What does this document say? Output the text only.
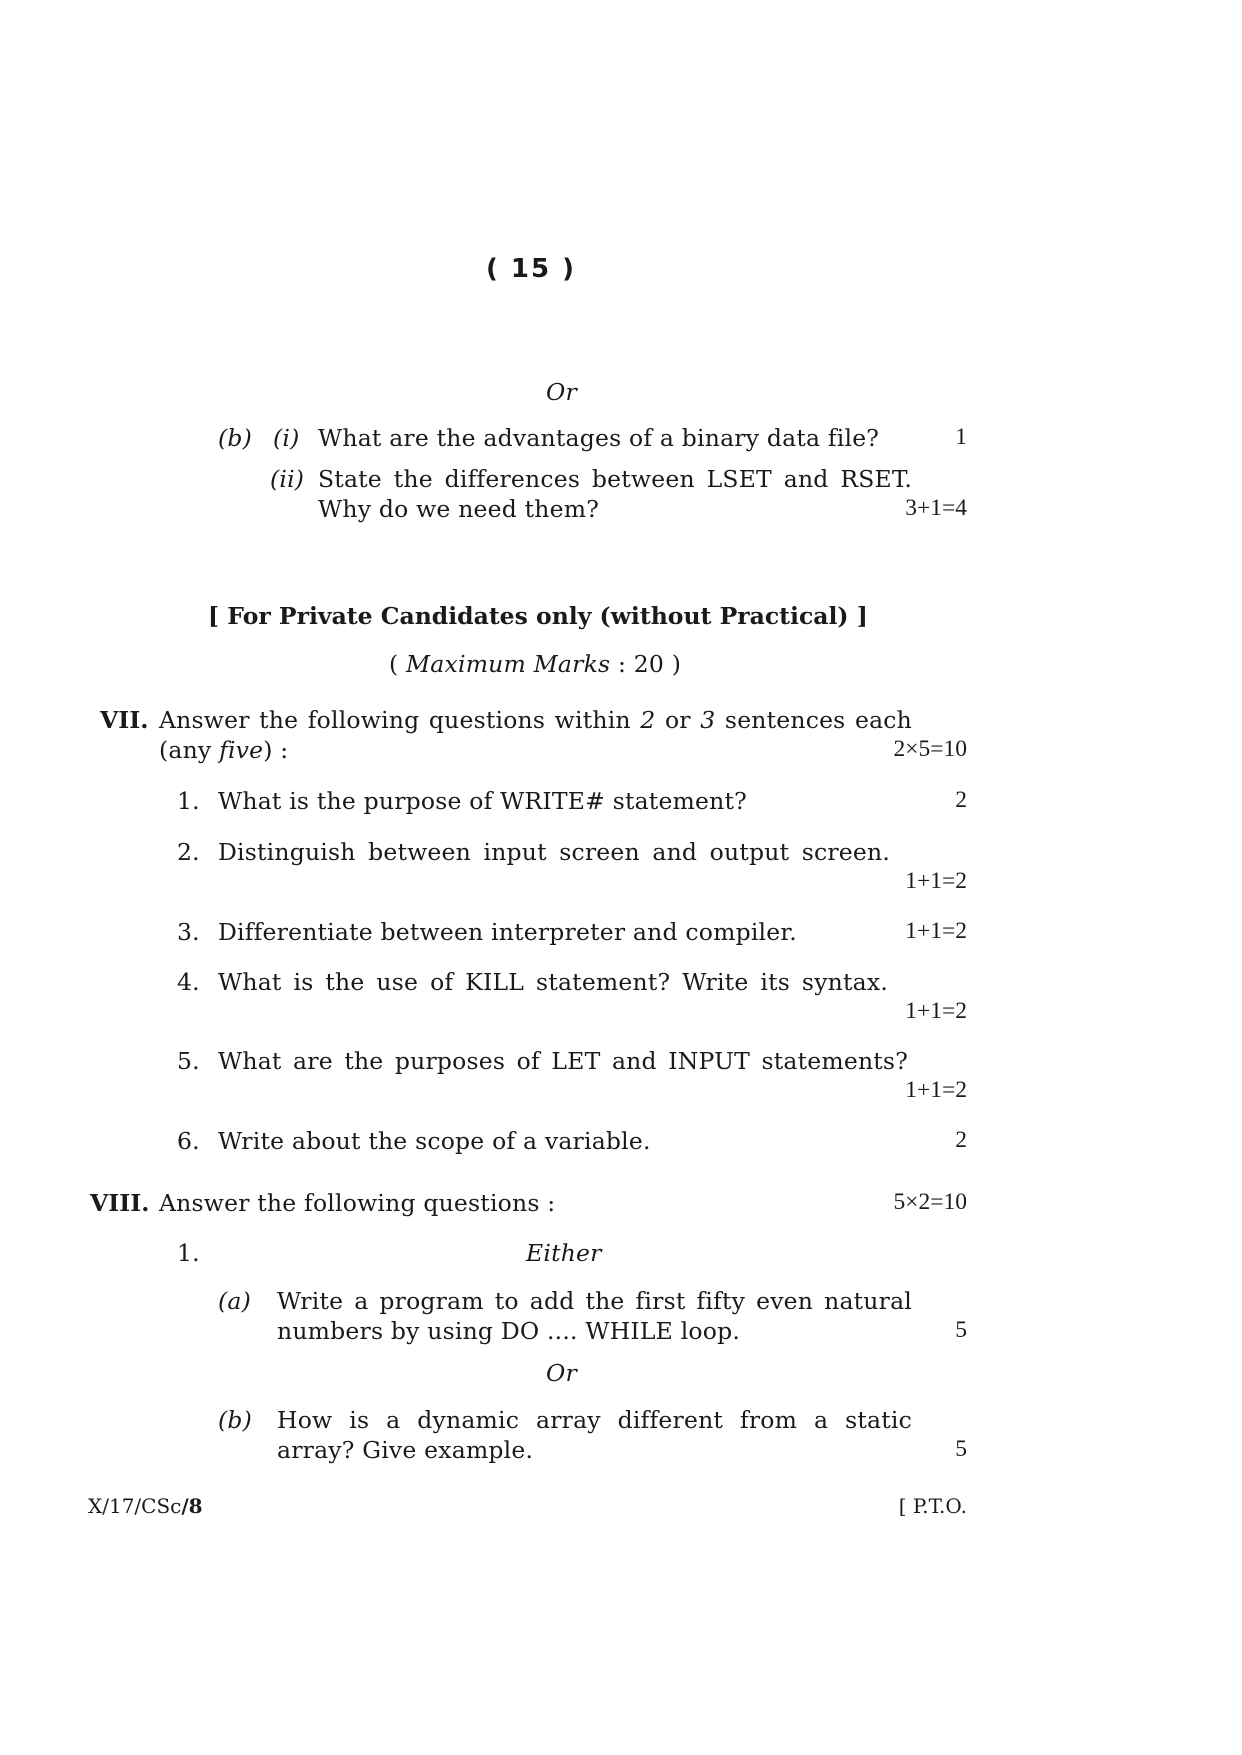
( 15 )
Or
(b) (i) What are the advantages of a binary data file?	1
(ii) State the differences between LSET and RSET.
Why do we need them?	3+1=4
[ For Private Candidates only (without Practical) ]
( Maximum Marks : 20 )
VII. Answer the following questions within 2 or 3 sentences each
(any five) :	2×5=10
1. What is the purpose of WRITE# statement?	2
2. Distinguish between input screen and output screen.
1+1=2
3. Differentiate between interpreter and compiler.	1+1=2
4. What is the use of KILL statement? Write its syntax.
1+1=2
5. What are the purposes of LET and INPUT statements?
1+1=2
6. Write about the scope of a variable.	2
VIII. Answer the following questions :	5×2=10
1.	Either
(a) Write a program to add the first fifty even natural
numbers by using DO .... WHILE loop.	5
Or
(b) How is a dynamic array different from a static
array? Give example.	5
X/17/CSc/8	[ P.T.O.
